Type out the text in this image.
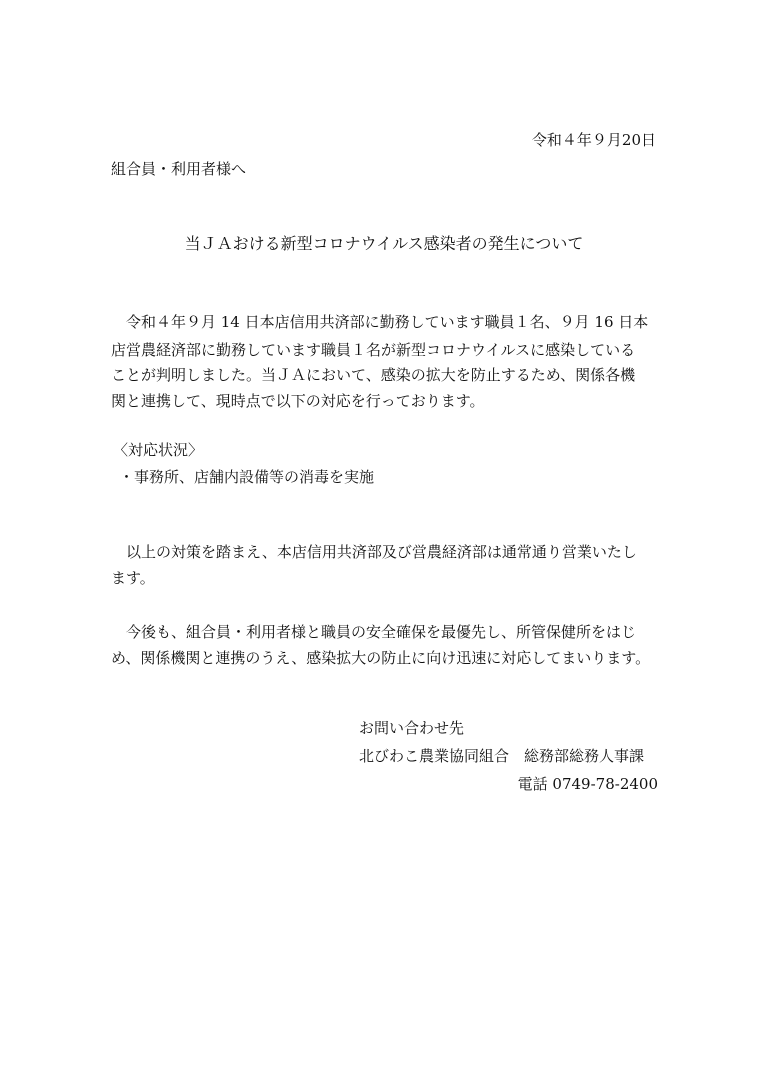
令和４年９月20日
組合員・利用者様へ
当ＪＡおける新型コロナウイルス感染者の発生について
令和４年９月 14 日本店信用共済部に勤務しています職員１名、９月 16 日本
店営農経済部に勤務しています職員１名が新型コロナウイルスに感染している
ことが判明しました。当ＪＡにおいて、感染の拡大を防止するため、関係各機
関と連携して、現時点で以下の対応を行っております。
〈対応状況〉
・事務所、店舗内設備等の消毒を実施
以上の対策を踏まえ、本店信用共済部及び営農経済部は通常通り営業いたし
ます。
今後も、組合員・利用者様と職員の安全確保を最優先し、所管保健所をはじ
め、関係機関と連携のうえ、感染拡大の防止に向け迅速に対応してまいります。
お問い合わせ先
北びわこ農業協同組合　総務部総務人事課
電話 0749-78-2400
